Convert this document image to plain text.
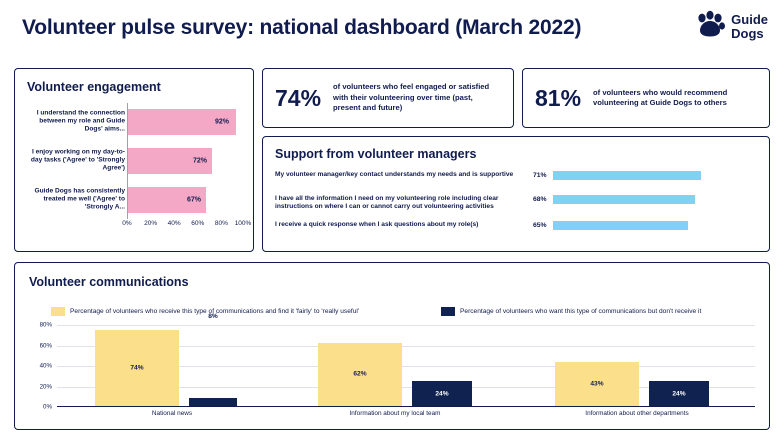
Volunteer pulse survey: national dashboard (March 2022)	Guide
Dogs
Volunteer engagement
I understand the connection between my role and Guide Dogs' aims...
92%
I enjoy working on my day-to-day tasks ('Agree' to 'Strongly Agree')
72%
Guide Dogs has consistently treated me well ('Agree' to 'Strongly A...
67%
0% 20% 40% 60% 80% 100%
74% of volunteers who feel engaged or satisfied with their volunteering over time (past, present and future)	81% of volunteers who would recommend volunteering at Guide Dogs to others
Support from volunteer managers
My volunteer manager/key contact understands my needs and is supportive	71%
I have all the information I need on my volunteering role including clear instructions on where I can or cannot carry out volunteering activities
68%
I receive a quick response when I ask questions about my role(s)	65%
Volunteer communications
Percentage of volunteers who receive this type of communications and find it 'fairly' to 'really useful'	Percentage of volunteers who want this type of communications but don't receive it
0%
20%
40%
60%
80%
74%
8%
National news
62%
24%
Information about my local team
43%
24%
Information about other departments
